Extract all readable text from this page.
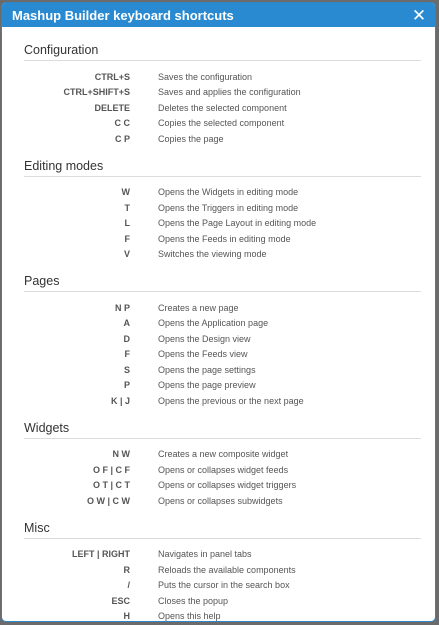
Mashup Builder keyboard shortcuts	✕
Configuration
CTRL+S	Saves the configuration
CTRL+SHIFT+S	Saves and applies the configuration
DELETE	Deletes the selected component
C C	Copies the selected component
C P	Copies the page
Editing modes
W	Opens the Widgets in editing mode
T	Opens the Triggers in editing mode
L	Opens the Page Layout in editing mode
F	Opens the Feeds in editing mode
V	Switches the viewing mode
Pages
N P	Creates a new page
A	Opens the Application page
D	Opens the Design view
F	Opens the Feeds view
S	Opens the page settings
P	Opens the page preview
K | J	Opens the previous or the next page
Widgets
N W	Creates a new composite widget
O F | C F	Opens or collapses widget feeds
O T | C T	Opens or collapses widget triggers
O W | C W	Opens or collapses subwidgets
Misc
LEFT | RIGHT	Navigates in panel tabs
R	Reloads the available components
/	Puts the cursor in the search box
ESC	Closes the popup
H	Opens this help
